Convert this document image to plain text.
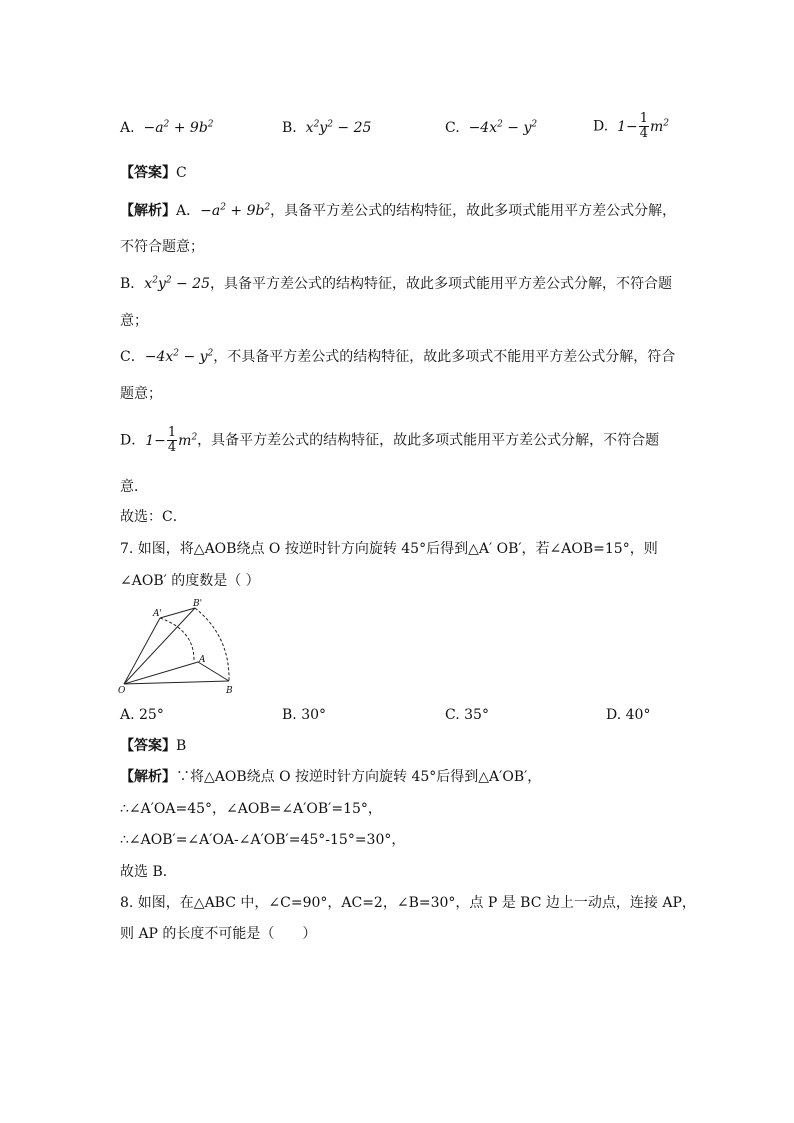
A. $-a^2 + 9b^2$	B. $x^2y^2 - 25$	C. $-4x^2 - y^2$	D. $1- \frac{1}{4} m^2$
【答案】C
【解析】A．$-a^2 + 9b^2$，具备平方差公式的结构特征，故此多项式能用平方差公式分解，
不符合题意；
B．$x^2y^2 - 25$，具备平方差公式的结构特征，故此多项式能用平方差公式分解，不符合题
意；
C．$-4x^2 - y^2$，不具备平方差公式的结构特征，故此多项式不能用平方差公式分解，符合
题意；
D．$1- \frac{1}{4} m^2$，具备平方差公式的结构特征，故此多项式能用平方差公式分解，不符合题
意．
故选：C．
7. 如图，将△AOB绕点 O 按逆时针方向旋转 45°后得到△A′ OB′，若∠AOB=15°，则
∠AOB′ 的度数是（ ）
O
A
B
A'
B'
A. 25°	B. 30°	C. 35°	D. 40°
【答案】B
【解析】∵将△AOB绕点 O 按逆时针方向旋转 45°后得到△A′OB′，
∴∠A′OA=45°，∠AOB=∠A′OB′=15°，
∴∠AOB′=∠A′OA-∠A′OB′=45°-15°=30°，
故选 B．
8. 如图，在△ABC 中，∠C=90°，AC=2，∠B=30°，点 P 是 BC 边上一动点，连接 AP，
则 AP 的长度不可能是（　　）
